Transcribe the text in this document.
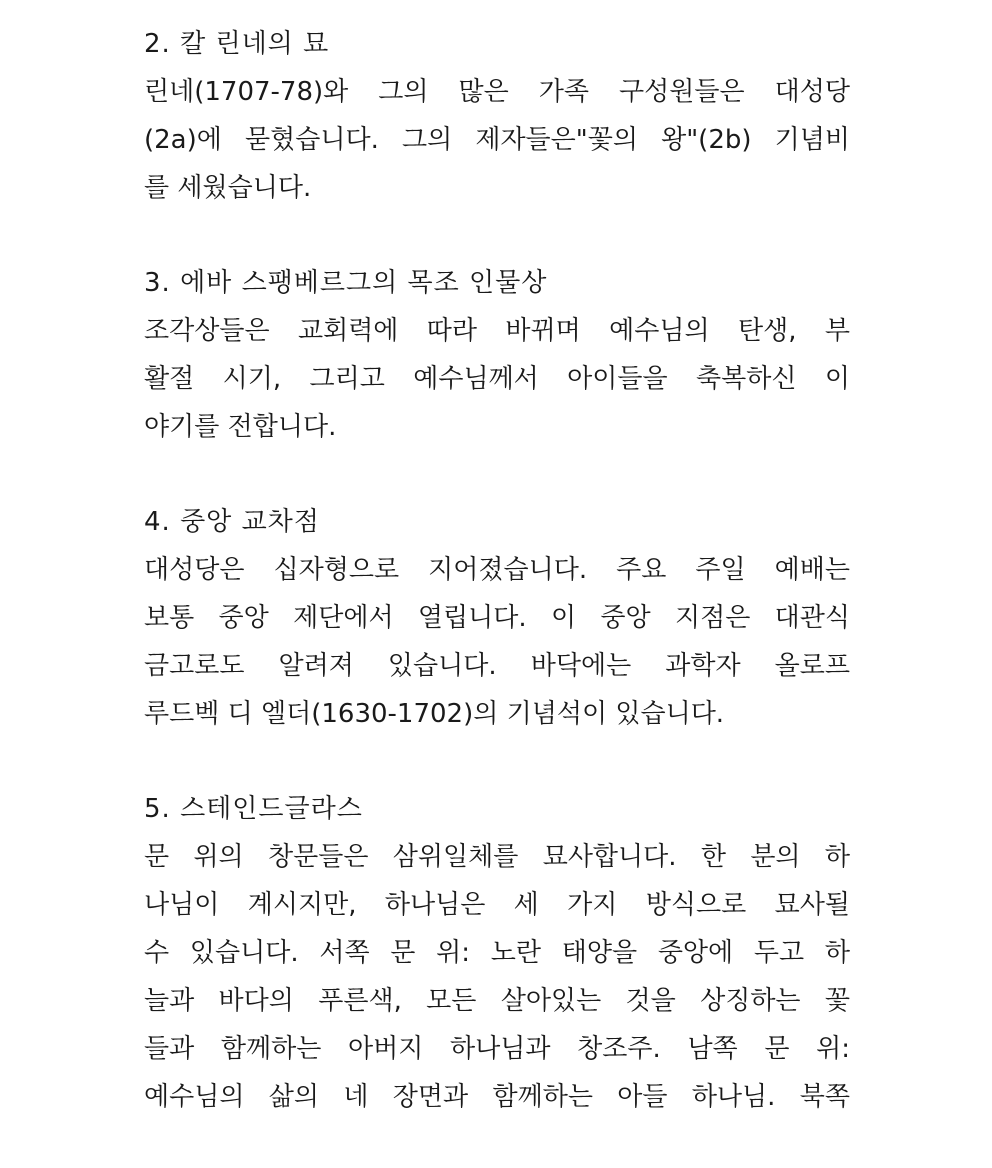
2. 칼 린네의 묘
린네(1707-78)와 그의 많은 가족 구성원들은 대성당
(2a)에 묻혔습니다. 그의 제자들은"꽃의 왕"(2b) 기념비
를 세웠습니다.
3. 에바 스팽베르그의 목조 인물상
조각상들은 교회력에 따라 바뀌며 예수님의 탄생, 부
활절 시기, 그리고 예수님께서 아이들을 축복하신 이
야기를 전합니다.
4. 중앙 교차점
대성당은 십자형으로 지어졌습니다. 주요 주일 예배는
보통 중앙 제단에서 열립니다. 이 중앙 지점은 대관식
금고로도 알려져 있습니다. 바닥에는 과학자 올로프
루드벡 디 엘더(1630-1702)의 기념석이 있습니다.
5. 스테인드글라스
문 위의 창문들은 삼위일체를 묘사합니다. 한 분의 하
나님이 계시지만, 하나님은 세 가지 방식으로 묘사될
수 있습니다. 서쪽 문 위: 노란 태양을 중앙에 두고 하
늘과 바다의 푸른색, 모든 살아있는 것을 상징하는 꽃
들과 함께하는 아버지 하나님과 창조주. 남쪽 문 위:
예수님의 삶의 네 장면과 함께하는 아들 하나님. 북쪽
